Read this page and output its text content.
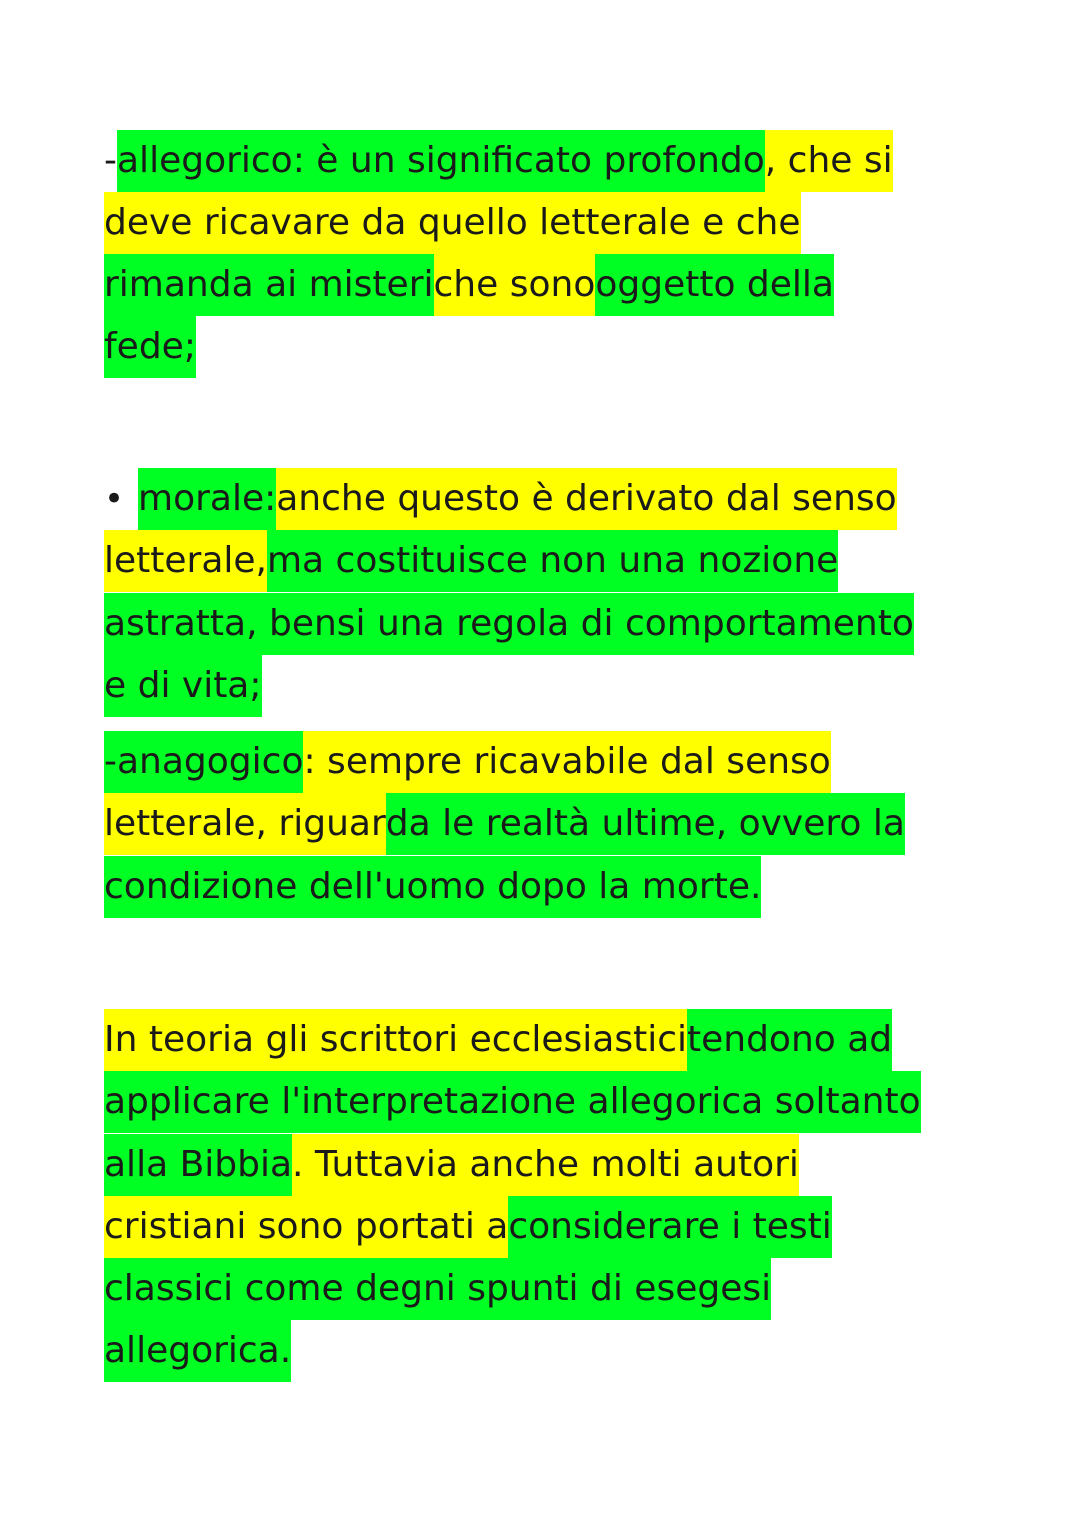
-allegorico: è un significato profondo, che si
deve ricavare da quello letterale e che
rimanda ai misteriche sonooggetto della
fede;
• morale:anche questo è derivato dal senso
letterale,ma costituisce non una nozione
astratta, bensi una regola di comportamento
e di vita;
-anagogico: sempre ricavabile dal senso
letterale, riguarda le realtà ultime, ovvero la
condizione dell'uomo dopo la morte.
In teoria gli scrittori ecclesiasticitendono ad
applicare l'interpretazione allegorica soltanto
alla Bibbia. Tuttavia anche molti autori
cristiani sono portati aconsiderare i testi
classici come degni spunti di esegesi
allegorica.
